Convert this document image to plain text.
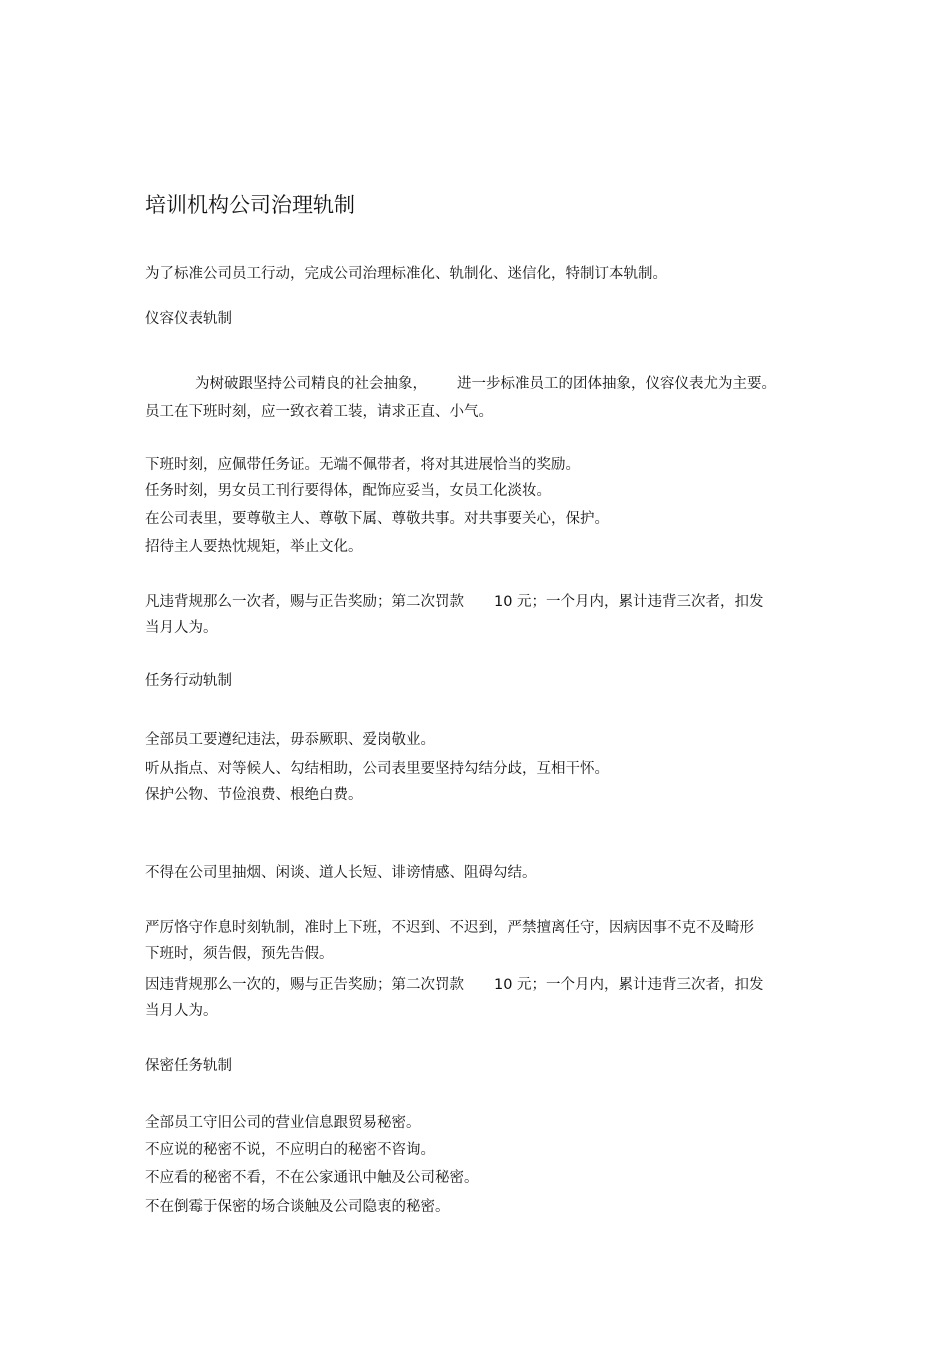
培训机构公司治理轨制
为了标准公司员工行动，完成公司治理标准化、轨制化、迷信化，特制订本轨制。
仪容仪表轨制
为树破跟坚持公司精良的社会抽象， 进一步标准员工的团体抽象，仪容仪表尤为主要。
员工在下班时刻，应一致衣着工装，请求正直、小气。
下班时刻，应佩带任务证。无端不佩带者，将对其进展恰当的奖励。
任务时刻，男女员工刊行要得体，配饰应妥当，女员工化淡妆。
在公司表里，要尊敬主人、尊敬下属、尊敬共事。对共事要关心，保护。
招待主人要热忱规矩，举止文化。
凡违背规那么一次者，赐与正告奖励；第二次罚款 10 元；一个月内，累计违背三次者，扣发
当月人为。
任务行动轨制
全部员工要遵纪违法，毋忝厥职、爱岗敬业。
听从指点、对等候人、勾结相助，公司表里要坚持勾结分歧，互相干怀。
保护公物、节俭浪费、根绝白费。
不得在公司里抽烟、闲谈、道人长短、诽谤情感、阻碍勾结。
严厉恪守作息时刻轨制，准时上下班，不迟到、不迟到，严禁擅离任守，因病因事不克不及畸形
下班时，须告假，预先告假。
因违背规那么一次的，赐与正告奖励；第二次罚款 10 元；一个月内，累计违背三次者，扣发
当月人为。
保密任务轨制
全部员工守旧公司的营业信息跟贸易秘密。
不应说的秘密不说，不应明白的秘密不咨询。
不应看的秘密不看，不在公家通讯中触及公司秘密。
不在倒霉于保密的场合谈触及公司隐衷的秘密。
